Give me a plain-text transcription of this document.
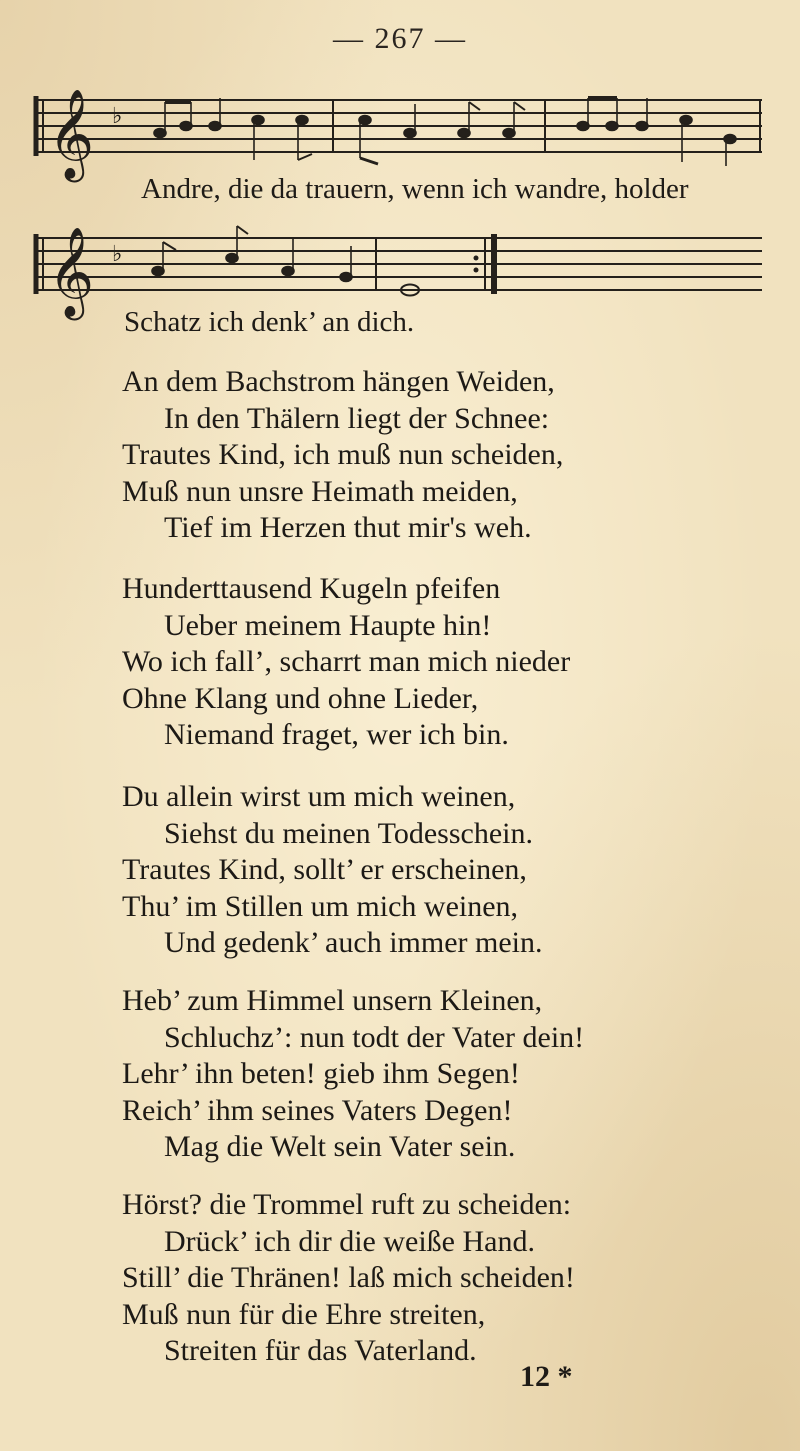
— 267 —
𝄞 ♭
Andre, die da trauern, wenn ich wandre, holder
𝄞 ♭
Schatz ich denk’ an dich.
An dem Bachstrom hängen Weiden,
In den Thälern liegt der Schnee:
Trautes Kind, ich muß nun scheiden,
Muß nun unsre Heimath meiden,
Tief im Herzen thut mir's weh.
Hunderttausend Kugeln pfeifen
Ueber meinem Haupte hin!
Wo ich fall’, scharrt man mich nieder
Ohne Klang und ohne Lieder,
Niemand fraget, wer ich bin.
Du allein wirst um mich weinen,
Siehst du meinen Todesschein.
Trautes Kind, sollt’ er erscheinen,
Thu’ im Stillen um mich weinen,
Und gedenk’ auch immer mein.
Heb’ zum Himmel unsern Kleinen,
Schluchz’: nun todt der Vater dein!
Lehr’ ihn beten! gieb ihm Segen!
Reich’ ihm seines Vaters Degen!
Mag die Welt sein Vater sein.
Hörst? die Trommel ruft zu scheiden:
Drück’ ich dir die weiße Hand.
Still’ die Thränen! laß mich scheiden!
Muß nun für die Ehre streiten,
Streiten für das Vaterland.
12 *
